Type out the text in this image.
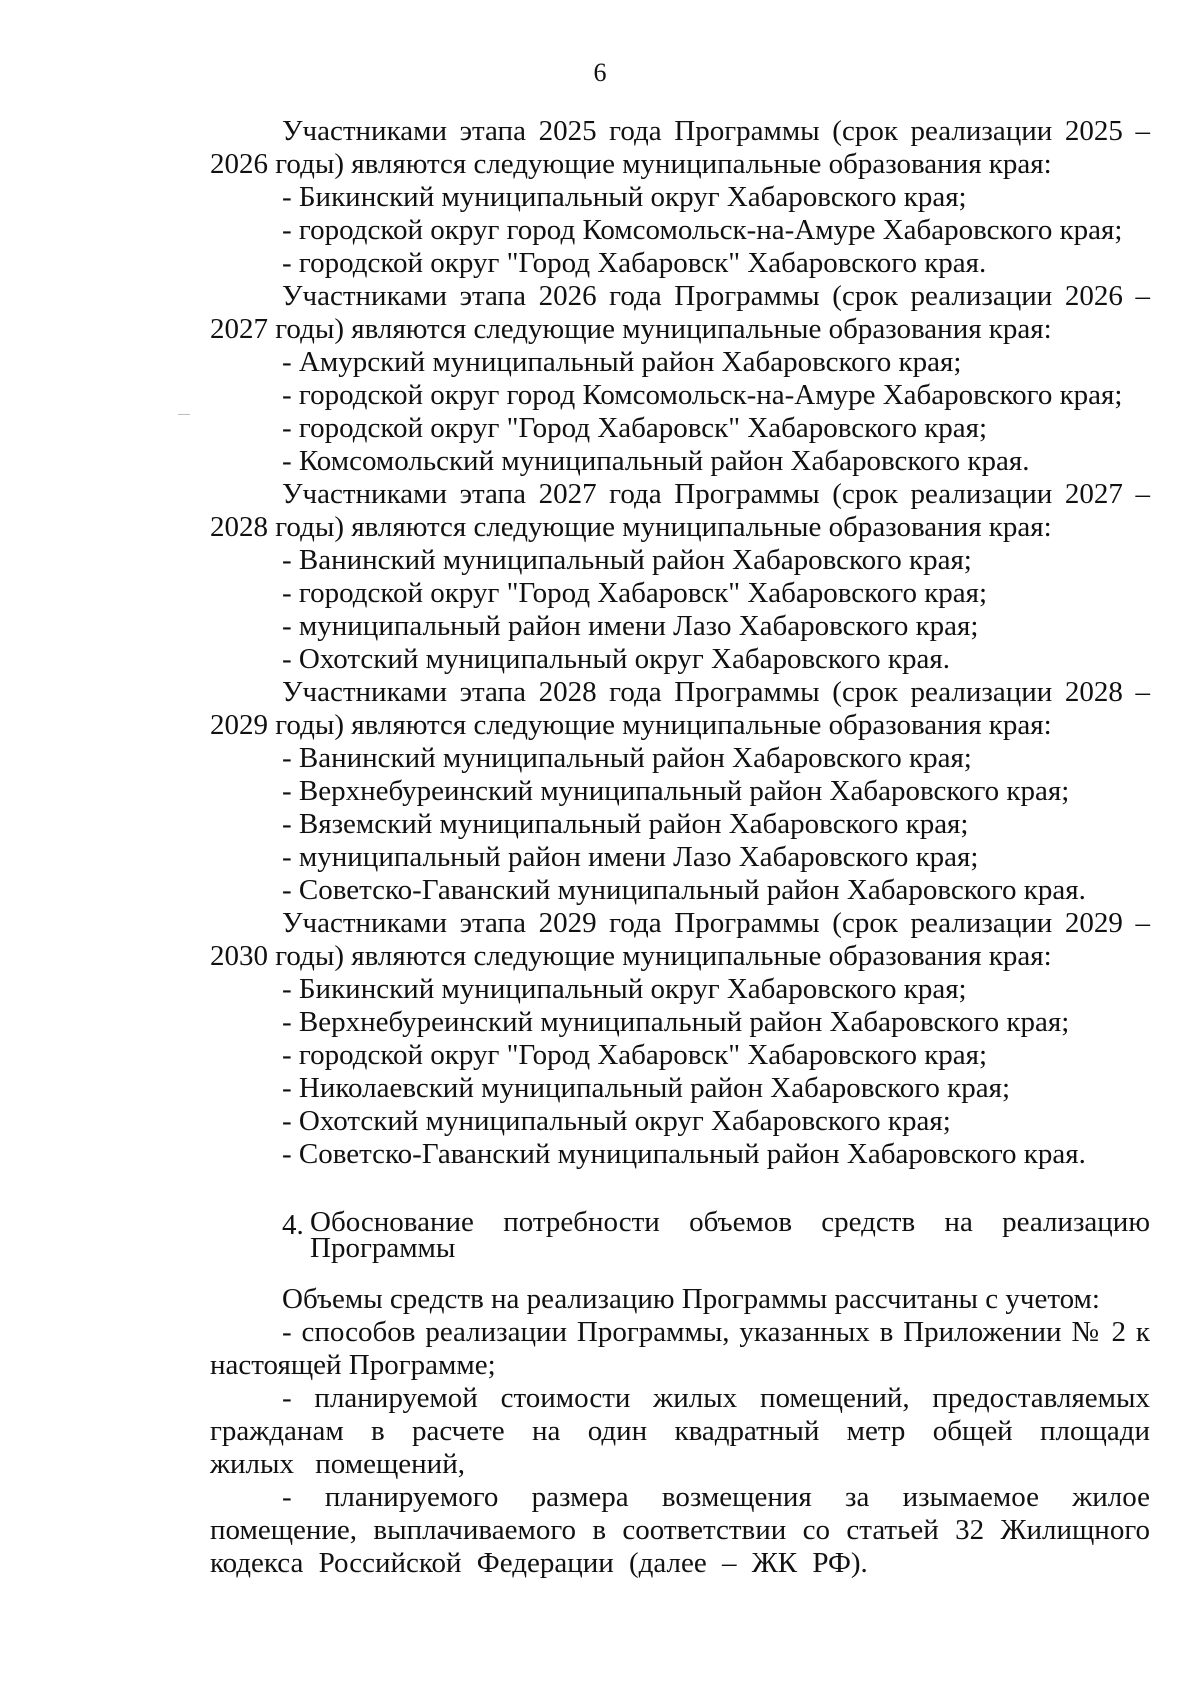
6

Участниками этапа 2025 года Программы (срок реализации 2025 – 2026 годы) являются следующие муниципальные образования края:

- Бикинский муниципальный округ Хабаровского края;

- городской округ город Комсомольск-на-Амуре Хабаровского края;

- городской округ "Город Хабаровск" Хабаровского края.

Участниками этапа 2026 года Программы (срок реализации 2026 – 2027 годы) являются следующие муниципальные образования края:

- Амурский муниципальный район Хабаровского края;

- городской округ город Комсомольск-на-Амуре Хабаровского края;

- городской округ "Город Хабаровск" Хабаровского края;

- Комсомольский муниципальный район Хабаровского края.

Участниками этапа 2027 года Программы (срок реализации 2027 – 2028 годы) являются следующие муниципальные образования края:

- Ванинский муниципальный район Хабаровского края;

- городской округ "Город Хабаровск" Хабаровского края;

- муниципальный район имени Лазо Хабаровского края;

- Охотский муниципальный округ Хабаровского края.

Участниками этапа 2028 года Программы (срок реализации 2028 – 2029 годы) являются следующие муниципальные образования края:

- Ванинский муниципальный район Хабаровского края;

- Верхнебуреинский муниципальный район Хабаровского края;

- Вяземский муниципальный район Хабаровского края;

- муниципальный район имени Лазо Хабаровского края;

- Советско-Гаванский муниципальный район Хабаровского края.

Участниками этапа 2029 года Программы (срок реализации 2029 – 2030 годы) являются следующие муниципальные образования края:

- Бикинский муниципальный округ Хабаровского края;

- Верхнебуреинский муниципальный район Хабаровского края;

- городской округ "Город Хабаровск" Хабаровского края;

- Николаевский муниципальный район Хабаровского края;

- Охотский муниципальный округ Хабаровского края;

- Советско-Гаванский муниципальный район Хабаровского края.

4. Обоснование потребности объемов средств на реализацию Программы

Объемы средств на реализацию Программы рассчитаны с учетом:

- способов реализации Программы, указанных в Приложении № 2 к настоящей Программе;

- планируемой стоимости жилых помещений, предоставляемых гражданам в расчете на один квадратный метр общей площади жилых помещений,

- планируемого размера возмещения за изымаемое жилое помещение, выплачиваемого в соответствии со статьей 32 Жилищного кодекса Российской Федерации (далее – ЖК РФ).
